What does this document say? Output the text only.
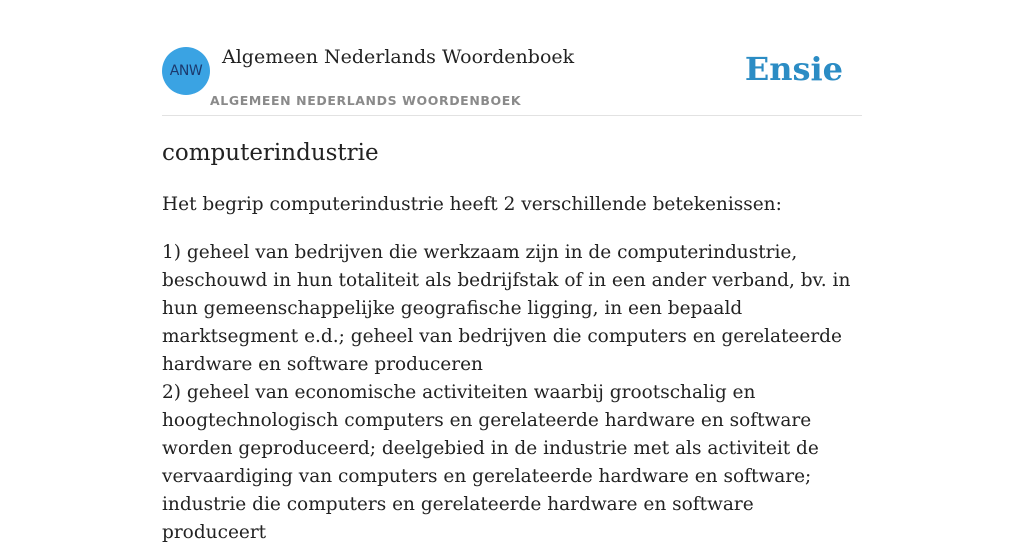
ANW
Algemeen Nederlands Woordenboek
ALGEMEEN NEDERLANDS WOORDENBOEK
Ensie
computerindustrie
Het begrip computerindustrie heeft 2 verschillende betekenissen:

1) geheel van bedrijven die werkzaam zijn in de computerindustrie, beschouwd in hun totaliteit als bedrijfstak of in een ander verband, bv. in hun gemeenschappelijke geografische ligging, in een bepaald marktsegment e.d.; geheel van bedrijven die computers en gerelateerde hardware en software produceren

2) geheel van economische activiteiten waarbij grootschalig en hoogtechnologisch computers en gerelateerde hardware en software worden geproduceerd; deelgebied in de industrie met als activiteit de vervaardiging van computers en gerelateerde hardware en software; industrie die computers en gerelateerde hardware en software produceert
